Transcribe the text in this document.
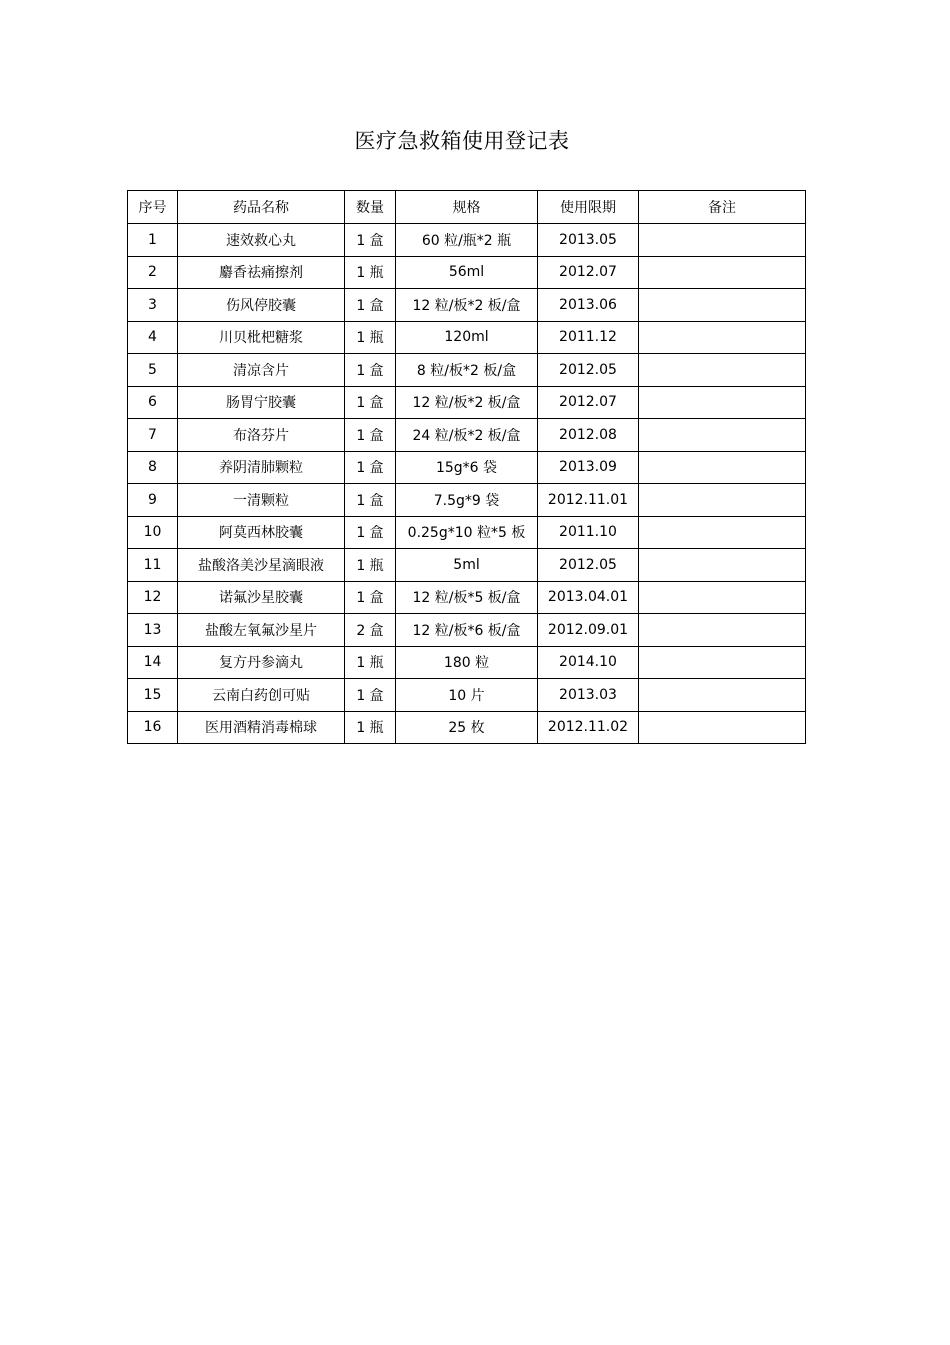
医疗急救箱使用登记表
序号	药品名称	数量	规格	使用限期	备注
1	速效救心丸	1 盒	60 粒/瓶*2 瓶	2013.05	
2	麝香祛痛擦剂	1 瓶	56ml	2012.07	
3	伤风停胶囊	1 盒	12 粒/板*2 板/盒	2013.06	
4	川贝枇杷糖浆	1 瓶	120ml	2011.12	
5	清凉含片	1 盒	8 粒/板*2 板/盒	2012.05	
6	肠胃宁胶囊	1 盒	12 粒/板*2 板/盒	2012.07	
7	布洛芬片	1 盒	24 粒/板*2 板/盒	2012.08	
8	养阴清肺颗粒	1 盒	15g*6 袋	2013.09	
9	一清颗粒	1 盒	7.5g*9 袋	2012.11.01	
10	阿莫西林胶囊	1 盒	0.25g*10 粒*5 板	2011.10	
11	盐酸洛美沙星滴眼液	1 瓶	5ml	2012.05	
12	诺氟沙星胶囊	1 盒	12 粒/板*5 板/盒	2013.04.01	
13	盐酸左氧氟沙星片	2 盒	12 粒/板*6 板/盒	2012.09.01	
14	复方丹参滴丸	1 瓶	180 粒	2014.10	
15	云南白药创可贴	1 盒	10 片	2013.03	
16	医用酒精消毒棉球	1 瓶	25 枚	2012.11.02	
